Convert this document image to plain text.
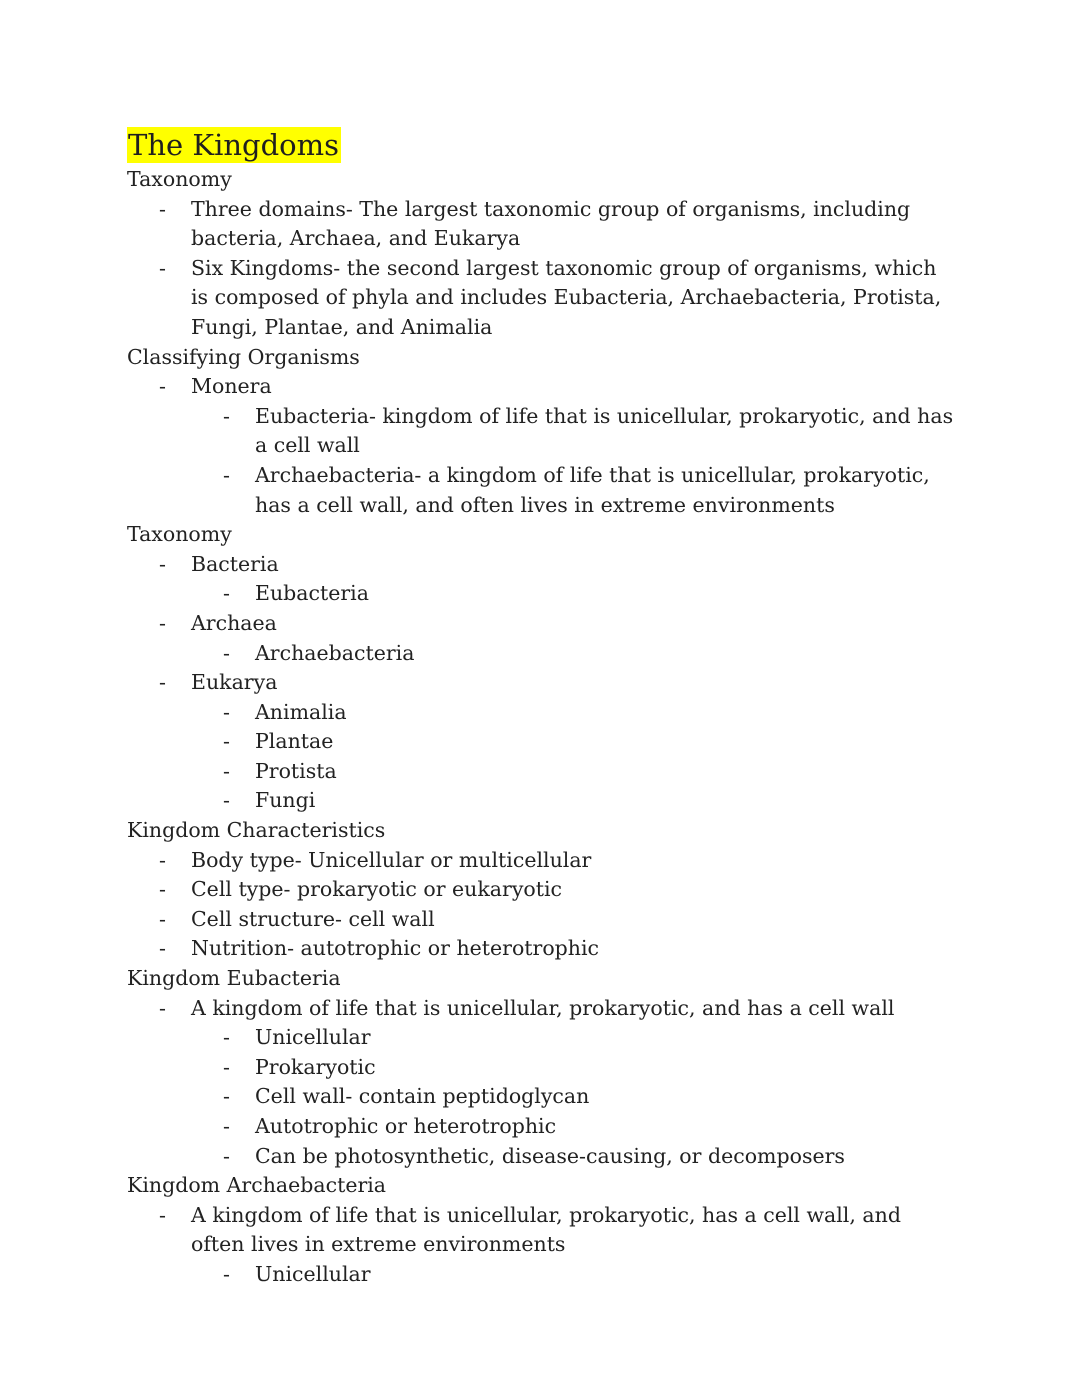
The Kingdoms
Taxonomy
- Three domains- The largest taxonomic group of organisms, including bacteria, Archaea, and Eukarya
- Six Kingdoms- the second largest taxonomic group of organisms, which is composed of phyla and includes Eubacteria, Archaebacteria, Protista, Fungi, Plantae, and Animalia
Classifying Organisms
- Monera
- Eubacteria- kingdom of life that is unicellular, prokaryotic, and has a cell wall
- Archaebacteria- a kingdom of life that is unicellular, prokaryotic, has a cell wall, and often lives in extreme environments
Taxonomy
- Bacteria
- Eubacteria
- Archaea
- Archaebacteria
- Eukarya
- Animalia
- Plantae
- Protista
- Fungi
Kingdom Characteristics
- Body type- Unicellular or multicellular
- Cell type- prokaryotic or eukaryotic
- Cell structure- cell wall
- Nutrition- autotrophic or heterotrophic
Kingdom Eubacteria
- A kingdom of life that is unicellular, prokaryotic, and has a cell wall
- Unicellular
- Prokaryotic
- Cell wall- contain peptidoglycan
- Autotrophic or heterotrophic
- Can be photosynthetic, disease-causing, or decomposers
Kingdom Archaebacteria
- A kingdom of life that is unicellular, prokaryotic, has a cell wall, and often lives in extreme environments
- Unicellular
